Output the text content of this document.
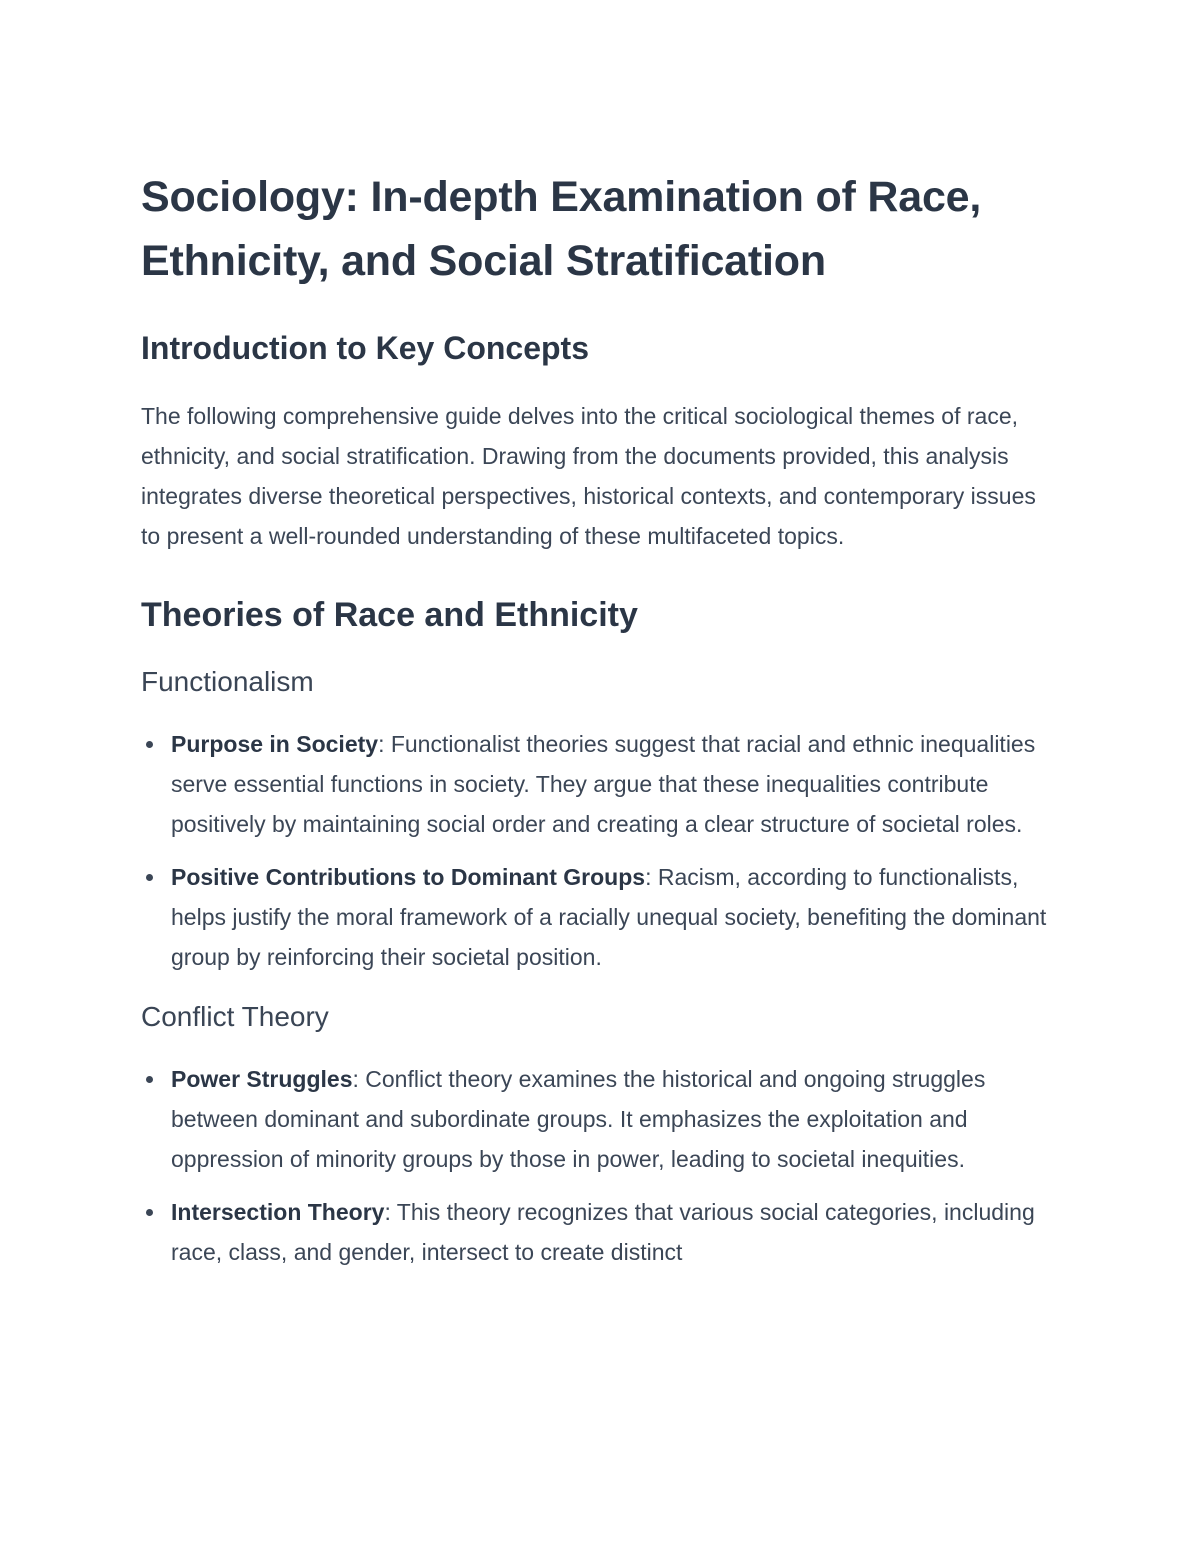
Sociology: In-depth Examination of Race, Ethnicity, and Social Stratification
Introduction to Key Concepts

The following comprehensive guide delves into the critical sociological themes of race, ethnicity, and social stratification. Drawing from the documents provided, this analysis integrates diverse theoretical perspectives, historical contexts, and contemporary issues to present a well-rounded understanding of these multifaceted topics.

Theories of Race and Ethnicity
Functionalism
Purpose in Society: Functionalist theories suggest that racial and ethnic inequalities serve essential functions in society. They argue that these inequalities contribute positively by maintaining social order and creating a clear structure of societal roles.
Positive Contributions to Dominant Groups: Racism, according to functionalists, helps justify the moral framework of a racially unequal society, benefiting the dominant group by reinforcing their societal position.
Conflict Theory
Power Struggles: Conflict theory examines the historical and ongoing struggles between dominant and subordinate groups. It emphasizes the exploitation and oppression of minority groups by those in power, leading to societal inequities.
Intersection Theory: This theory recognizes that various social categories, including race, class, and gender, intersect to create distinct
